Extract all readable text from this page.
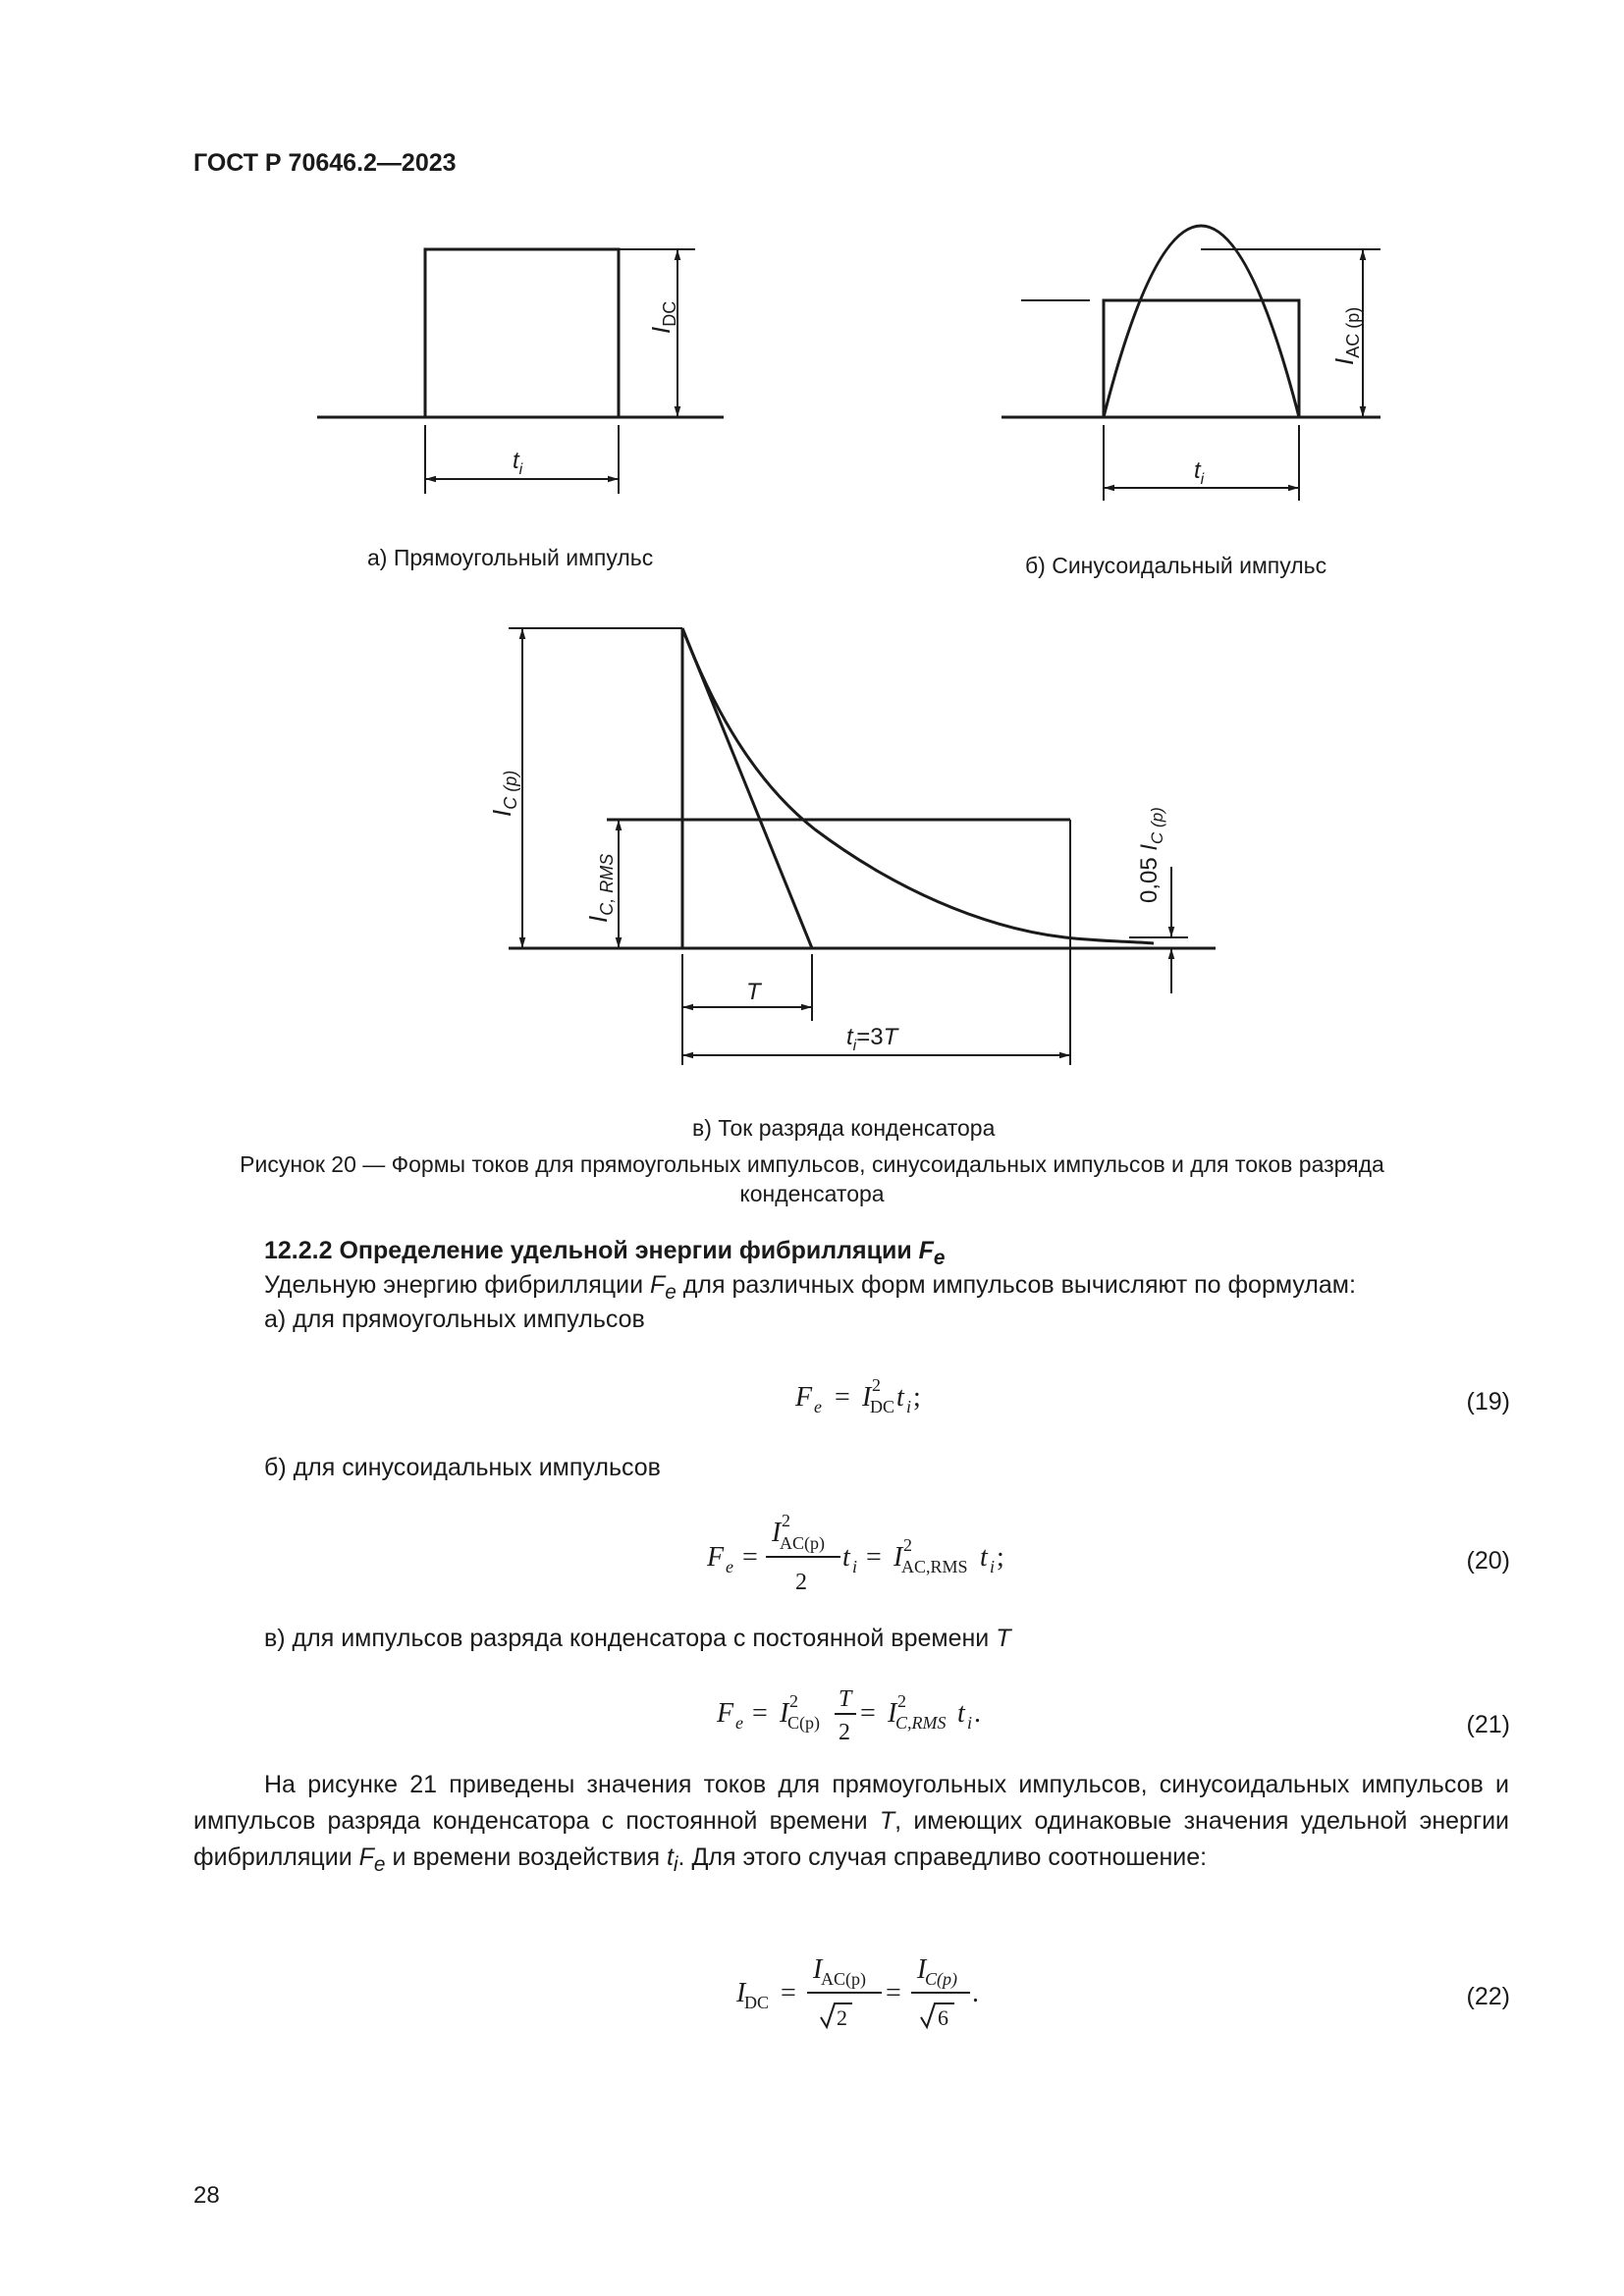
ГОСТ Р 70646.2—2023
$I_{DC}$
$t_i$
$I_{AC (p)}$
$t_i$
$I_{C (p)}$
$I_{C, RMS}$	0,05 $I_{C (p)}$
T
$t_i=3T$
а) Прямоугольный импульс	б) Синусоидальный импульс
в) Ток разряда конденсатора
Рисунок 20 — Формы токов для прямоугольных импульсов, синусоидальных импульсов и для токов разряда конденсатора
12.2.2 Определение удельной энергии фибрилляции $F_e$
Удельную энергию фибрилляции $F_e$ для различных форм импульсов вычисляют по формулам:
а) для прямоугольных импульсов
F e = I 2
DC t i ;	(19)
б) для синусоидальных импульсов
F e =
I 2
AC(p)
2
t i = I 2
AC,RMS t i ;	(20)
в) для импульсов разряда конденсатора с постоянной времени T
F e = I 2
C(p)
T
2
= I 2
C,RMS t i .	(21)
На рисунке 21 приведены значения токов для прямоугольных импульсов, синусоидальных импульсов и импульсов разряда конденсатора с постоянной времени T, имеющих одинаковые значения удельной энергии фибрилляции $F_e$ и времени воздействия $t_i$. Для этого случая справедливо соотношение:
I
DC =
I
AC(p)
2
=
I
C(p)
6
.	(22)
28
